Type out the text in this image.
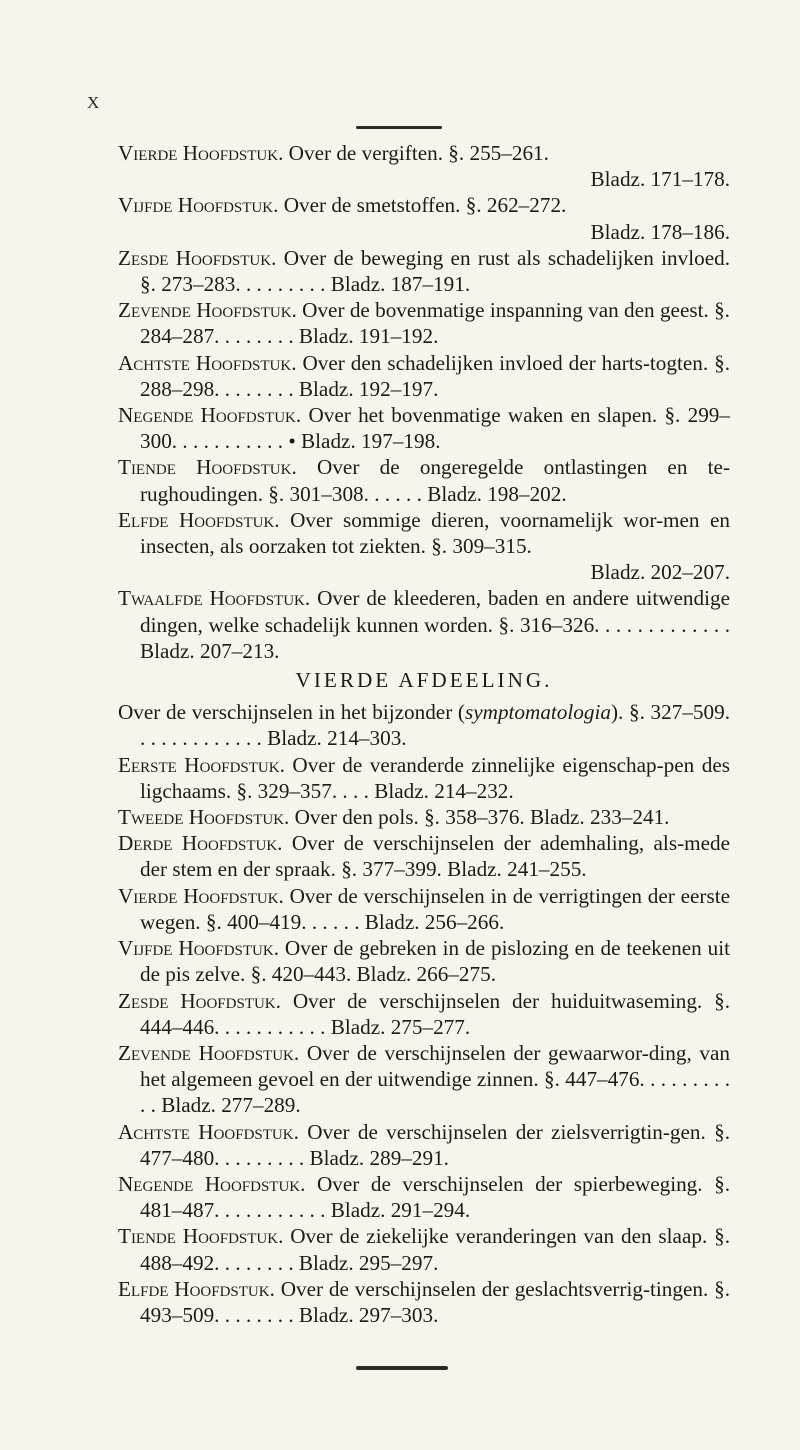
X

Vierde Hoofdstuk. Over de vergiften. §. 255–261.
Bladz. 171–178.

Vijfde Hoofdstuk. Over de smetstoffen. §. 262–272.
Bladz. 178–186.

Zesde Hoofdstuk. Over de beweging en rust als schadelijken invloed. §. 273–283. . . . . . . . . Bladz. 187–191.

Zevende Hoofdstuk. Over de bovenmatige inspanning van den geest. §. 284–287. . . . . . . . Bladz. 191–192.

Achtste Hoofdstuk. Over den schadelijken invloed der harts-togten. §. 288–298. . . . . . . . Bladz. 192–197.

Negende Hoofdstuk. Over het bovenmatige waken en slapen. §. 299–300. . . . . . . . . . . • Bladz. 197–198.

Tiende Hoofdstuk. Over de ongeregelde ontlastingen en te-rughoudingen. §. 301–308. . . . . . Bladz. 198–202.

Elfde Hoofdstuk. Over sommige dieren, voornamelijk wor-men en insecten, als oorzaken tot ziekten. §. 309–315.
Bladz. 202–207.

Twaalfde Hoofdstuk. Over de kleederen, baden en andere uitwendige dingen, welke schadelijk kunnen worden. §. 316–326. . . . . . . . . . . . . Bladz. 207–213.

VIERDE AFDEELING.

Over de verschijnselen in het bijzonder (symptomatologia). §. 327–509. . . . . . . . . . . . . Bladz. 214–303.

Eerste Hoofdstuk. Over de veranderde zinnelijke eigenschap-pen des ligchaams. §. 329–357. . . . Bladz. 214–232.

Tweede Hoofdstuk. Over den pols. §. 358–376. Bladz. 233–241.

Derde Hoofdstuk. Over de verschijnselen der ademhaling, als-mede der stem en der spraak. §. 377–399. Bladz. 241–255.

Vierde Hoofdstuk. Over de verschijnselen in de verrigtingen der eerste wegen. §. 400–419. . . . . . Bladz. 256–266.

Vijfde Hoofdstuk. Over de gebreken in de pislozing en de teekenen uit de pis zelve. §. 420–443. Bladz. 266–275.

Zesde Hoofdstuk. Over de verschijnselen der huiduitwaseming. §. 444–446. . . . . . . . . . . Bladz. 275–277.

Zevende Hoofdstuk. Over de verschijnselen der gewaarwor-ding, van het algemeen gevoel en der uitwendige zinnen. §. 447–476. . . . . . . . . . . Bladz. 277–289.

Achtste Hoofdstuk. Over de verschijnselen der zielsverrigtin-gen. §. 477–480. . . . . . . . . Bladz. 289–291.

Negende Hoofdstuk. Over de verschijnselen der spierbeweging. §. 481–487. . . . . . . . . . . Bladz. 291–294.

Tiende Hoofdstuk. Over de ziekelijke veranderingen van den slaap. §. 488–492. . . . . . . . Bladz. 295–297.

Elfde Hoofdstuk. Over de verschijnselen der geslachtsverrig-tingen. §. 493–509. . . . . . . . Bladz. 297–303.
